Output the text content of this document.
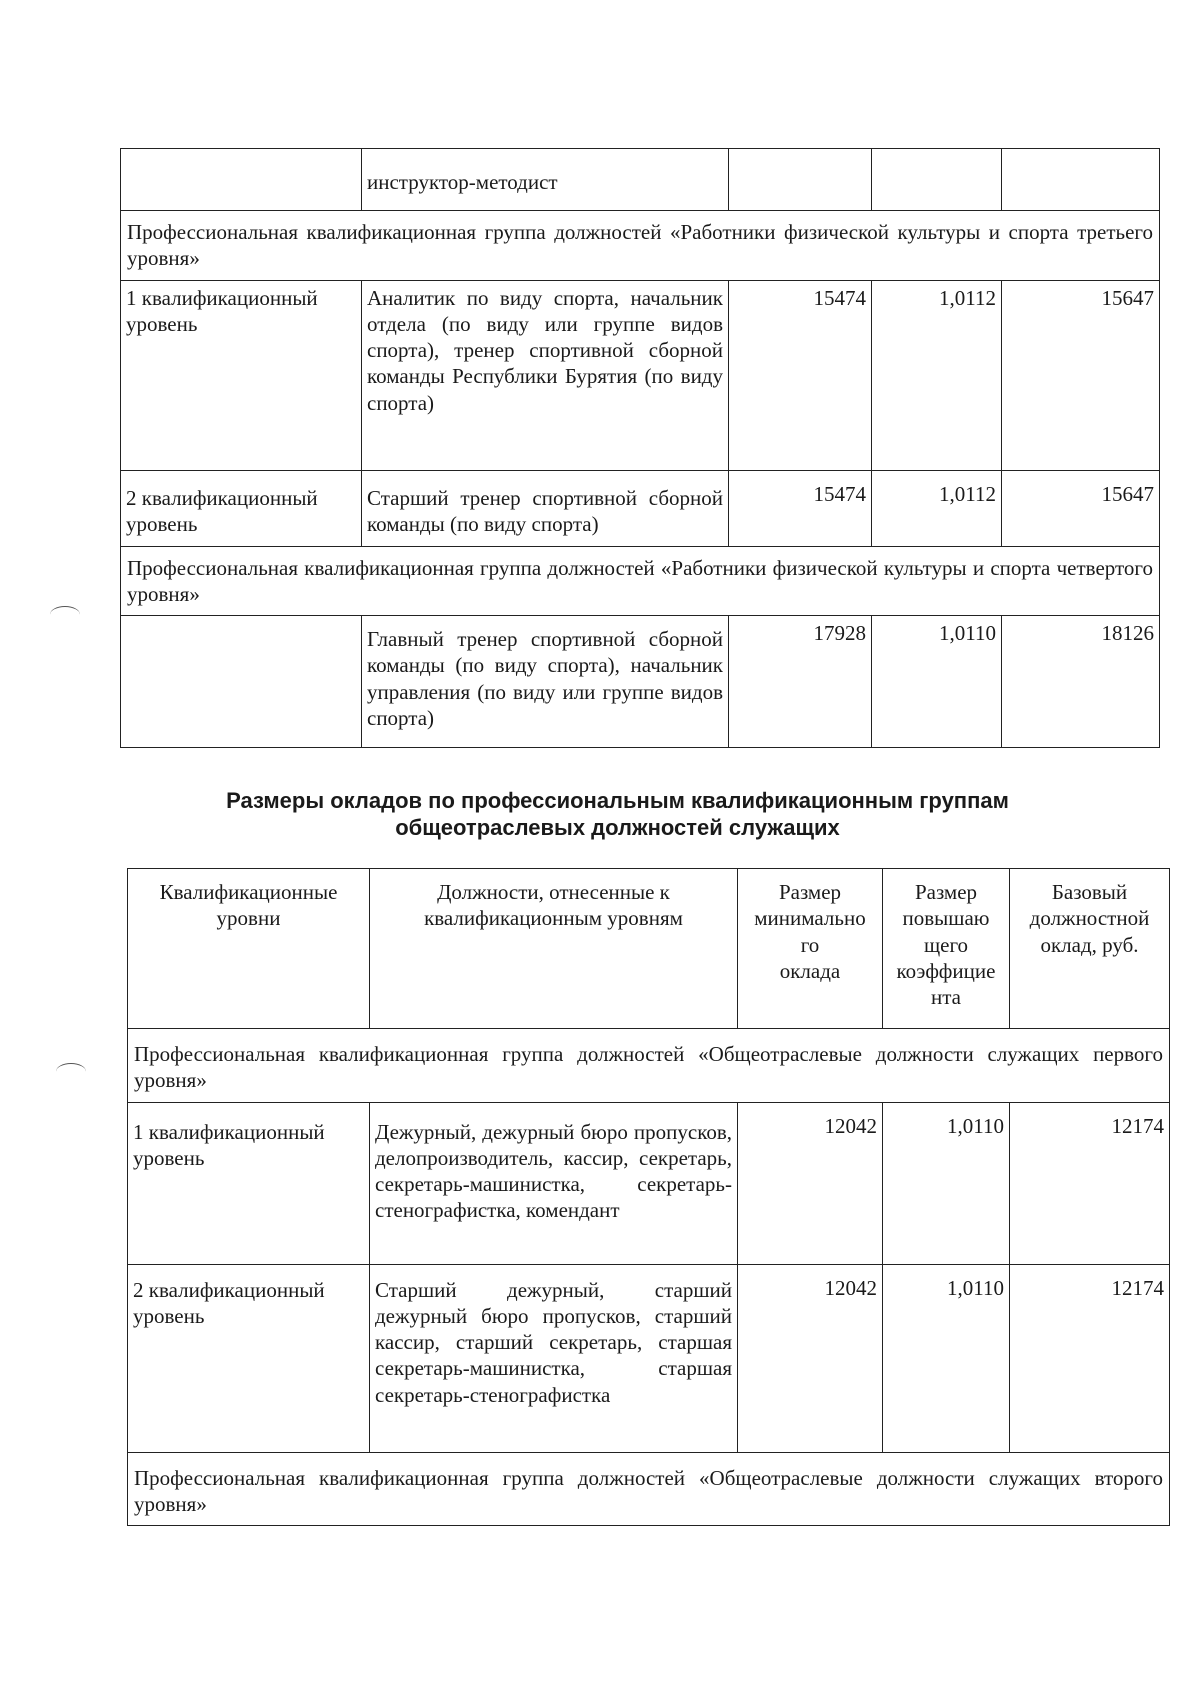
	инструктор-методист			
Профессиональная квалификационная группа должностей «Работники физической культуры и спорта третьего уровня»				
1 квалификационный уровень	Аналитик по виду спорта, начальник отдела (по виду или группе видов спорта), тренер спортивной сборной команды Республики Бурятия (по виду спорта)	15474	1,0112	15647
2 квалификационный уровень	Старший тренер спортивной сборной команды (по виду спорта)	15474	1,0112	15647
Профессиональная квалификационная группа должностей «Работники физической культуры и спорта четвертого уровня»				
	Главный тренер спортивной сборной команды (по виду спорта), начальник управления (по виду или группе видов спорта)	17928	1,0110	18126
Размеры окладов по профессиональным квалификационным группам
общеотраслевых должностей служащих
Квалификационные уровни	Должности, отнесенные к квалификационным уровням	Размер минимально го оклада	Размер повышаю щего коэффицие нта	Базовый должностной оклад, руб.
Профессиональная квалификационная группа должностей «Общеотраслевые должности служащих первого уровня»				
1 квалификационный уровень	Дежурный, дежурный бюро пропусков, делопроизводитель, кассир, секретарь, секретарь-машинистка, секретарь-стенографистка, комендант	12042	1,0110	12174
2 квалификационный уровень	Старший дежурный, старший дежурный бюро пропусков, старший кассир, старший секретарь, старшая секретарь-машинистка, старшая секретарь-стенографистка	12042	1,0110	12174
Профессиональная квалификационная группа должностей «Общеотраслевые должности служащих второго уровня»				
